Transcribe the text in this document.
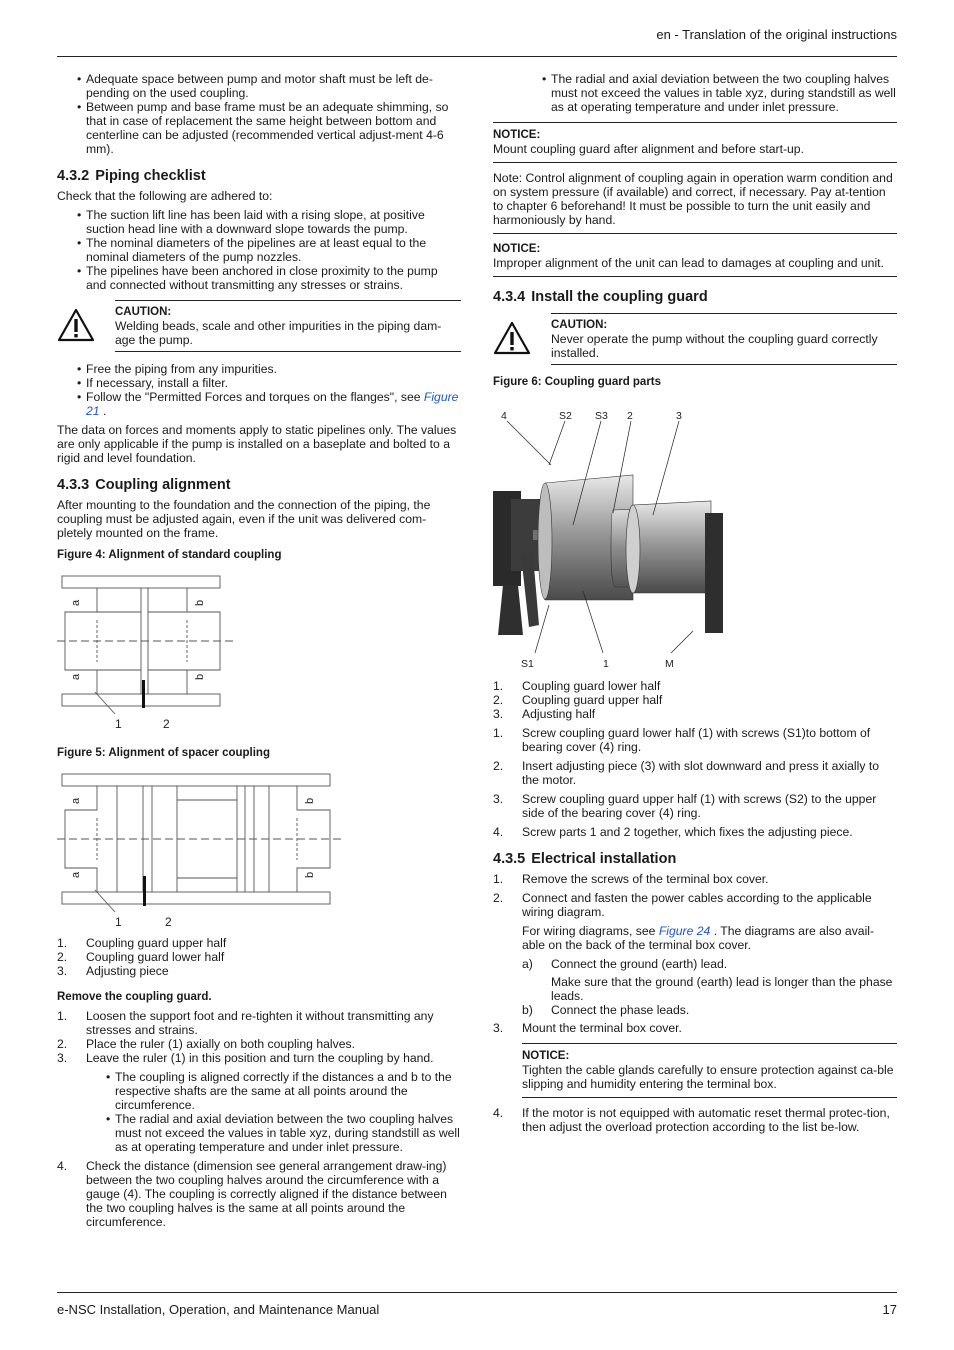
en - Translation of the original instructions
• Adequate space between pump and motor shaft must be left de-pending on the used coupling.
• Between pump and base frame must be an adequate shimming, so that in case of replacement the same height between bottom and centerline can be adjusted (recommended vertical adjust-ment 4-6 mm).
4.3.2 Piping checklist

Check that the following are adhered to:

• The suction lift line has been laid with a rising slope, at positive suction head line with a downward slope towards the pump.
• The nominal diameters of the pipelines are at least equal to the nominal diameters of the pump nozzles.
• The pipelines have been anchored in close proximity to the pump and connected without transmitting any stresses or strains.
CAUTION:
Welding beads, scale and other impurities in the piping dam-age the pump.
• Free the piping from any impurities.
• If necessary, install a filter.
• Follow the "Permitted Forces and torques on the flanges", see Figure 21 .

The data on forces and moments apply to static pipelines only. The values are only applicable if the pump is installed on a baseplate and bolted to a rigid and level foundation.

4.3.3 Coupling alignment

After mounting to the foundation and the connection of the piping, the coupling must be adjusted again, even if the unit was delivered com-pletely mounted on the frame.

Figure 4: Alignment of standard coupling
a
a
b
b
1	2
Figure 5: Alignment of spacer coupling
a
a
b
b
1	2
1. Coupling guard upper half
2. Coupling guard lower half
3. Adjusting piece

Remove the coupling guard.

1. Loosen the support foot and re-tighten it without transmitting any stresses and strains.
2. Place the ruler (1) axially on both coupling halves.
3. Leave the ruler (1) in this position and turn the coupling by hand.
• The coupling is aligned correctly if the distances a and b to the respective shafts are the same at all points around the circumference.
• The radial and axial deviation between the two coupling halves must not exceed the values in table xyz, during standstill as well as at operating temperature and under inlet pressure.
4. Check the distance (dimension see general arrangement draw-ing) between the two coupling halves around the circumference with a gauge (4). The coupling is correctly aligned if the distance between the two coupling halves is the same at all points around the circumference.
• The radial and axial deviation between the two coupling halves must not exceed the values in table xyz, during standstill as well as at operating temperature and under inlet pressure.
NOTICE:
Mount coupling guard after alignment and before start-up.
Note: Control alignment of coupling again in operation warm condition and on system pressure (if available) and correct, if necessary. Pay at-tention to chapter 6 beforehand! It must be possible to turn the unit easily and harmoniously by hand.
NOTICE:
Improper alignment of the unit can lead to damages at coupling and unit.
4.3.4 Install the coupling guard
CAUTION:
Never operate the pump without the coupling guard correctly installed.
Figure 6: Coupling guard parts
4	S2 S3 2	3
S1	1	M
1. Coupling guard lower half
2. Coupling guard upper half
3. Adjusting half
1. Screw coupling guard lower half (1) with screws (S1)to bottom of bearing cover (4) ring.
2. Insert adjusting piece (3) with slot downward and press it axially to the motor.
3. Screw coupling guard upper half (1) with screws (S2) to the upper side of the bearing cover (4) ring.
4. Screw parts 1 and 2 together, which fixes the adjusting piece.
4.3.5 Electrical installation
1. Remove the screws of the terminal box cover.
2. Connect and fasten the power cables according to the applicable wiring diagram.

For wiring diagrams, see Figure 24 . The diagrams are also avail-able on the back of the terminal box cover.

a)	Connect the ground (earth) lead.
Make sure that the ground (earth) lead is longer than the phase leads.
b)	Connect the phase leads.
3. Mount the terminal box cover.
NOTICE:
Tighten the cable glands carefully to ensure protection against ca-ble slipping and humidity entering the terminal box.
4. If the motor is not equipped with automatic reset thermal protec-tion, then adjust the overload protection according to the list be-low.
e-NSC Installation, Operation, and Maintenance Manual	17
